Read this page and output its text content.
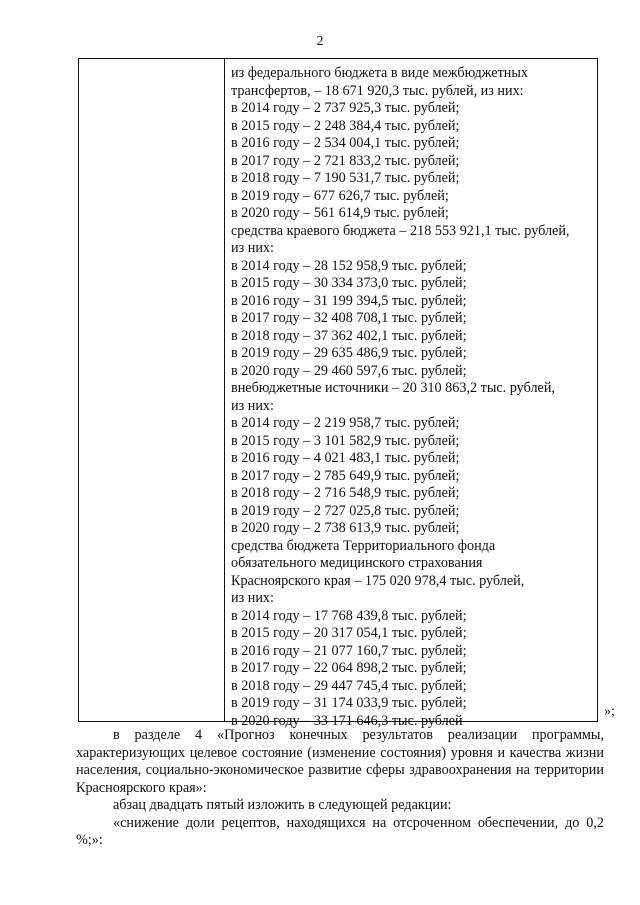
2
из федерального бюджета в виде межбюджетных
трансфертов, – 18 671 920,3 тыс. рублей, из них:
в 2014 году – 2 737 925,3 тыс. рублей;
в 2015 году – 2 248 384,4 тыс. рублей;
в 2016 году – 2 534 004,1 тыс. рублей;
в 2017 году – 2 721 833,2 тыс. рублей;
в 2018 году – 7 190 531,7 тыс. рублей;
в 2019 году – 677 626,7 тыс. рублей;
в 2020 году – 561 614,9 тыс. рублей;
средства краевого бюджета – 218 553 921,1 тыс. рублей,
из них:
в 2014 году – 28 152 958,9 тыс. рублей;
в 2015 году – 30 334 373,0 тыс. рублей;
в 2016 году – 31 199 394,5 тыс. рублей;
в 2017 году – 32 408 708,1 тыс. рублей;
в 2018 году – 37 362 402,1 тыс. рублей;
в 2019 году – 29 635 486,9 тыс. рублей;
в 2020 году – 29 460 597,6 тыс. рублей;
внебюджетные источники – 20 310 863,2 тыс. рублей,
из них:
в 2014 году – 2 219 958,7 тыс. рублей;
в 2015 году – 3 101 582,9 тыс. рублей;
в 2016 году – 4 021 483,1 тыс. рублей;
в 2017 году – 2 785 649,9 тыс. рублей;
в 2018 году – 2 716 548,9 тыс. рублей;
в 2019 году – 2 727 025,8 тыс. рублей;
в 2020 году – 2 738 613,9 тыс. рублей;
средства бюджета Территориального фонда
обязательного медицинского страхования
Красноярского края – 175 020 978,4 тыс. рублей,
из них:
в 2014 году – 17 768 439,8 тыс. рублей;
в 2015 году – 20 317 054,1 тыс. рублей;
в 2016 году – 21 077 160,7 тыс. рублей;
в 2017 году – 22 064 898,2 тыс. рублей;
в 2018 году – 29 447 745,4 тыс. рублей;
в 2019 году – 31 174 033,9 тыс. рублей;
в 2020 году – 33 171 646,3 тыс. рублей
»;

в разделе 4 «Прогноз конечных результатов реализации программы, характеризующих целевое состояние (изменение состояния) уровня и качества жизни населения, социально-экономическое развитие сферы здравоохранения на территории Красноярского края»:

абзац двадцать пятый изложить в следующей редакции:

«снижение доли рецептов, находящихся на отсроченном обеспечении, до 0,2 %;»:
